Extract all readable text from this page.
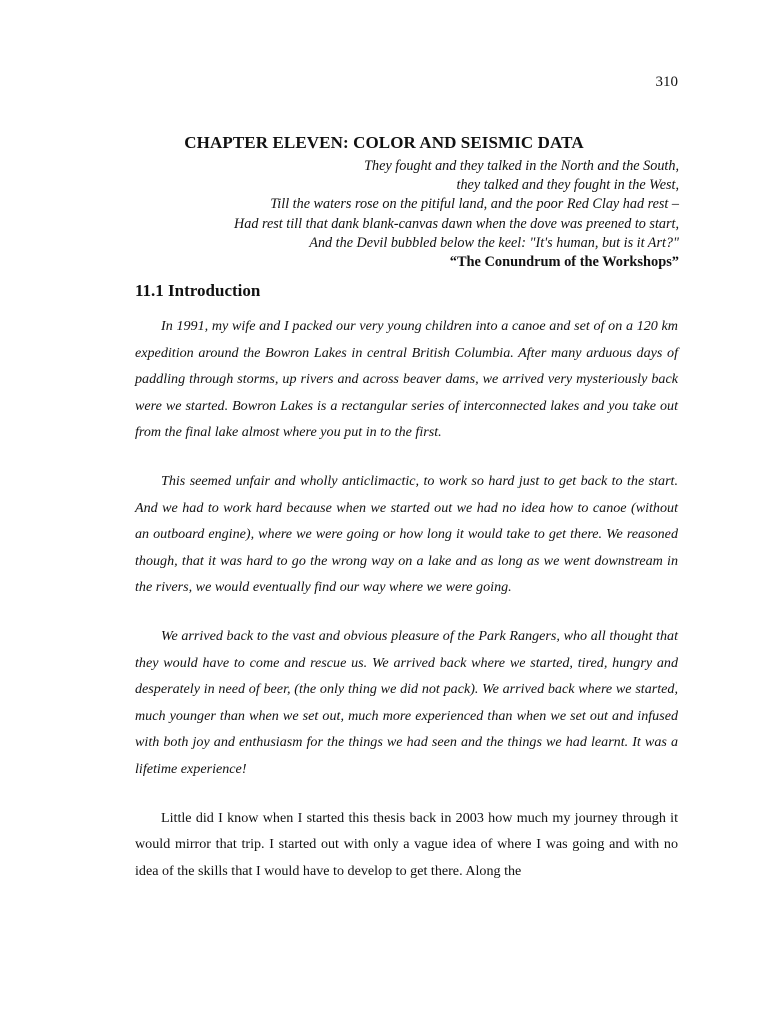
310
CHAPTER ELEVEN: COLOR AND SEISMIC DATA
They fought and they talked in the North and the South,
they talked and they fought in the West,
Till the waters rose on the pitiful land, and the poor Red Clay had rest –
Had rest till that dank blank-canvas dawn when the dove was preened to start,
And the Devil bubbled below the keel: "It's human, but is it Art?"
“The Conundrum of the Workshops”
11.1 Introduction

In 1991, my wife and I packed our very young children into a canoe and set of on a 120 km expedition around the Bowron Lakes in central British Columbia. After many arduous days of paddling through storms, up rivers and across beaver dams, we arrived very mysteriously back were we started. Bowron Lakes is a rectangular series of interconnected lakes and you take out from the final lake almost where you put in to the first.

This seemed unfair and wholly anticlimactic, to work so hard just to get back to the start. And we had to work hard because when we started out we had no idea how to canoe (without an outboard engine), where we were going or how long it would take to get there. We reasoned though, that it was hard to go the wrong way on a lake and as long as we went downstream in the rivers, we would eventually find our way where we were going.

We arrived back to the vast and obvious pleasure of the Park Rangers, who all thought that they would have to come and rescue us. We arrived back where we started, tired, hungry and desperately in need of beer, (the only thing we did not pack). We arrived back where we started, much younger than when we set out, much more experienced than when we set out and infused with both joy and enthusiasm for the things we had seen and the things we had learnt. It was a lifetime experience!

Little did I know when I started this thesis back in 2003 how much my journey through it would mirror that trip. I started out with only a vague idea of where I was going and with no idea of the skills that I would have to develop to get there. Along the
